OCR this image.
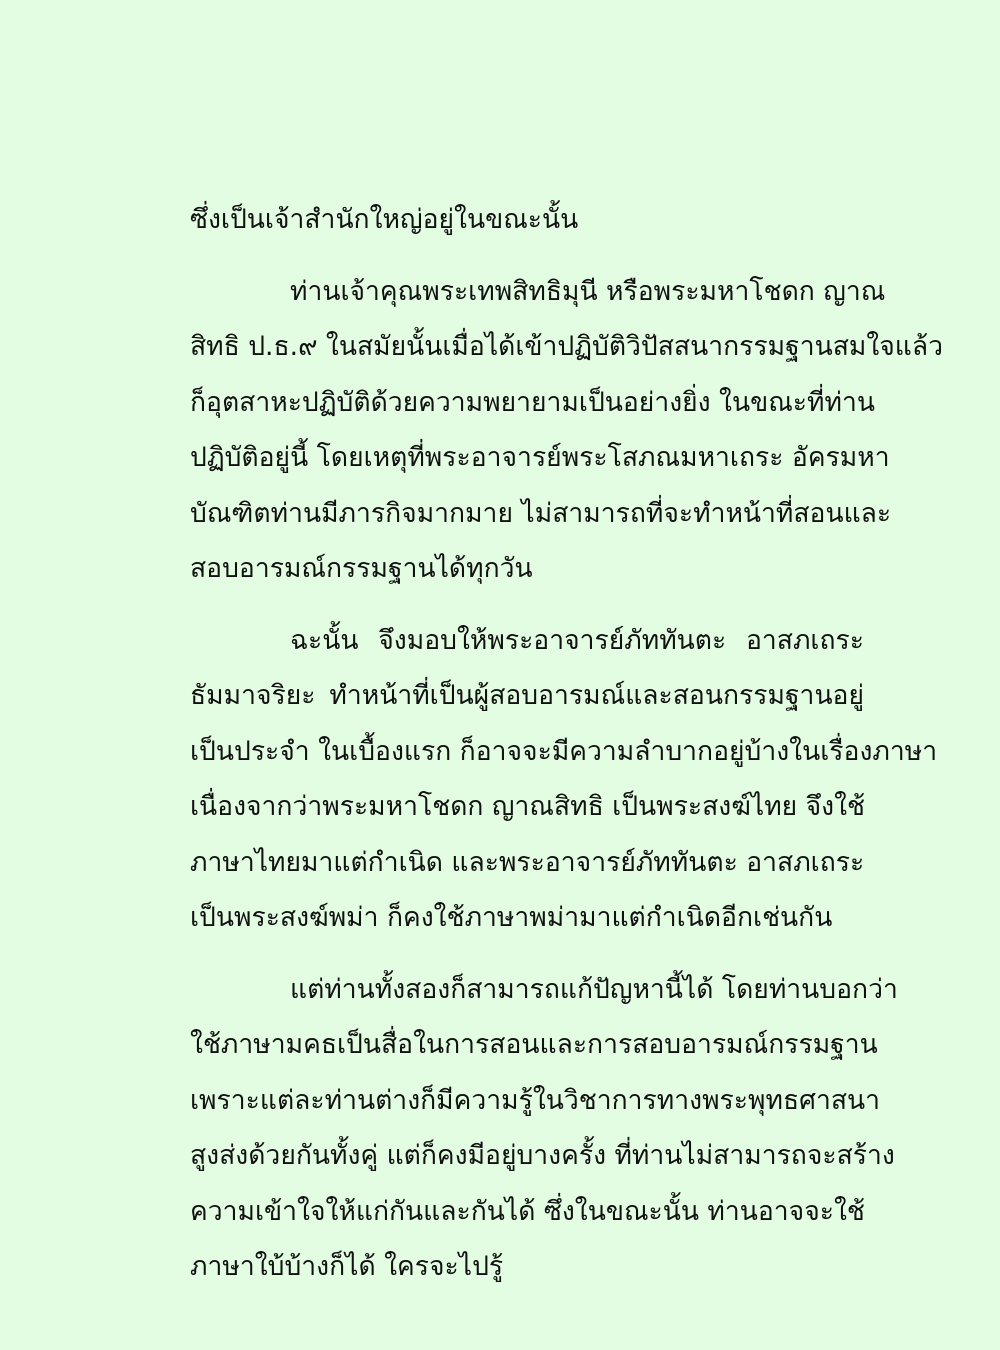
ซึ่งเป็นเจ้าสำนักใหญ่อยู่ในขณะนั้น
ท่านเจ้าคุณพระเทพสิทธิมุนี หรือพระมหาโชดก ญาณ
สิทธิ ป.ธ.๙ ในสมัยนั้นเมื่อได้เข้าปฏิบัติวิปัสสนากรรมฐานสมใจแล้ว
ก็อุตสาหะปฏิบัติด้วยความพยายามเป็นอย่างยิ่ง ในขณะที่ท่าน
ปฏิบัติอยู่นี้ โดยเหตุที่พระอาจารย์พระโสภณมหาเถระ อัครมหา
บัณฑิตท่านมีภารกิจมากมาย ไม่สามารถที่จะทำหน้าที่สอนและ
สอบอารมณ์กรรมฐานได้ทุกวัน
ฉะนั้น จึงมอบให้พระอาจารย์ภัททันตะ อาสภเถระ
ธัมมาจริยะ ทำหน้าที่เป็นผู้สอบอารมณ์และสอนกรรมฐานอยู่
เป็นประจำ ในเบื้องแรก ก็อาจจะมีความลำบากอยู่บ้างในเรื่องภาษา
เนื่องจากว่าพระมหาโชดก ญาณสิทธิ เป็นพระสงฆ์ไทย จึงใช้
ภาษาไทยมาแต่กำเนิด และพระอาจารย์ภัททันตะ อาสภเถระ
เป็นพระสงฆ์พม่า ก็คงใช้ภาษาพม่ามาแต่กำเนิดอีกเช่นกัน
แต่ท่านทั้งสองก็สามารถแก้ปัญหานี้ได้ โดยท่านบอกว่า
ใช้ภาษามคธเป็นสื่อในการสอนและการสอบอารมณ์กรรมฐาน
เพราะแต่ละท่านต่างก็มีความรู้ในวิชาการทางพระพุทธศาสนา
สูงส่งด้วยกันทั้งคู่ แต่ก็คงมีอยู่บางครั้ง ที่ท่านไม่สามารถจะสร้าง
ความเข้าใจให้แก่กันและกันได้ ซึ่งในขณะนั้น ท่านอาจจะใช้
ภาษาใบ้บ้างก็ได้ ใครจะไปรู้
